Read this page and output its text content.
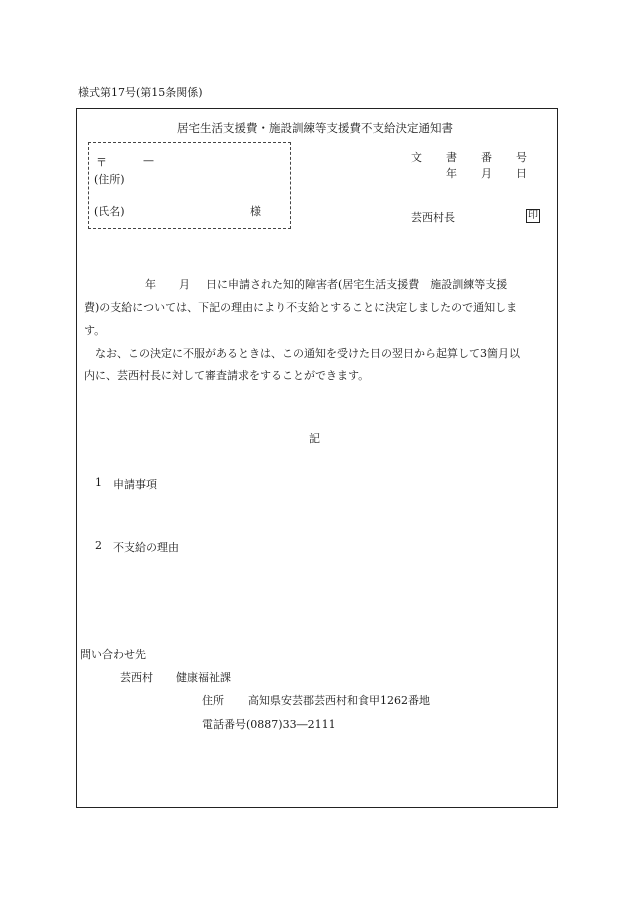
様式第17号(第15条関係)
居宅生活支援費・施設訓練等支援費不支給決定通知書
〒	—
(住所)
(氏名)	様
文 書 番 号
年 月 日
芸西村長	印
年 月 日に申請された知的障害者(居宅生活支援費　施設訓練等支援
費)の支給については、下記の理由により不支給とすることに決定しましたので通知しま
す。
なお、この決定に不服があるときは、この通知を受けた日の翌日から起算して3箇月以
内に、芸西村長に対して審査請求をすることができます。
記
1 申請事項
2 不支給の理由
問い合わせ先
芸西村 健康福祉課
住所 高知県安芸郡芸西村和食甲1262番地
電話番号(0887)33―2111
